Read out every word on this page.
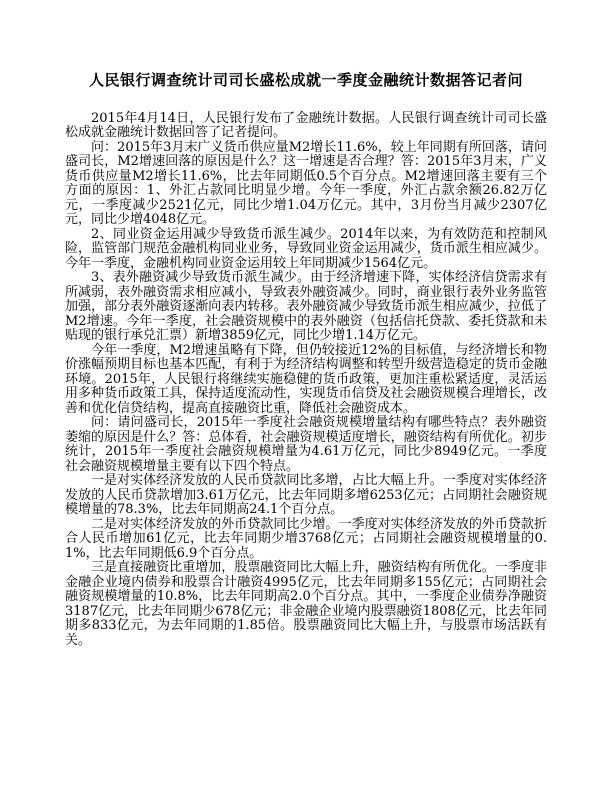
人民银行调查统计司司长盛松成就一季度金融统计数据答记者问

2015年4月14日，人民银行发布了金融统计数据。人民银行调查统计司司长盛松成就金融统计数据回答了记者提问。

问：2015年3月末广义货币供应量M2增长11.6%，较上年同期有所回落，请问盛司长，M2增速回落的原因是什么？这一增速是否合理？答：2015年3月末，广义货币供应量M2增长11.6%，比去年同期低0.5个百分点。M2增速回落主要有三个方面的原因：1、外汇占款同比明显少增。今年一季度，外汇占款余额26.82万亿元，一季度减少2521亿元，同比少增1.04万亿元。其中，3月份当月减少2307亿元，同比少增4048亿元。

2、同业资金运用减少导致货币派生减少。2014年以来，为有效防范和控制风险，监管部门规范金融机构同业业务，导致同业资金运用减少，货币派生相应减少。今年一季度，金融机构同业资金运用较上年同期减少1564亿元。

3、表外融资减少导致货币派生减少。由于经济增速下降，实体经济信贷需求有所减弱，表外融资需求相应减小，导致表外融资减少。同时，商业银行表外业务监管加强，部分表外融资逐渐向表内转移。表外融资减少导致货币派生相应减少，拉低了M2增速。今年一季度，社会融资规模中的表外融资（包括信托贷款、委托贷款和未贴现的银行承兑汇票）新增3859亿元，同比少增1.14万亿元。

今年一季度，M2增速虽略有下降，但仍较接近12%的目标值，与经济增长和物价涨幅预期目标也基本匹配，有利于为经济结构调整和转型升级营造稳定的货币金融环境。2015年，人民银行将继续实施稳健的货币政策，更加注重松紧适度，灵活运用多种货币政策工具，保持适度流动性，实现货币信贷及社会融资规模合理增长，改善和优化信贷结构，提高直接融资比重，降低社会融资成本。

问：请问盛司长，2015年一季度社会融资规模增量结构有哪些特点？表外融资萎缩的原因是什么？答：总体看，社会融资规模适度增长，融资结构有所优化。初步统计，2015年一季度社会融资规模增量为4.61万亿元，同比少8949亿元。一季度社会融资规模增量主要有以下四个特点。

一是对实体经济发放的人民币贷款同比多增，占比大幅上升。一季度对实体经济发放的人民币贷款增加3.61万亿元，比去年同期多增6253亿元；占同期社会融资规模增量的78.3%，比去年同期高24.1个百分点。

二是对实体经济发放的外币贷款同比少增。一季度对实体经济发放的外币贷款折合人民币增加61亿元，比去年同期少增3768亿元；占同期社会融资规模增量的0.1%，比去年同期低6.9个百分点。

三是直接融资比重增加，股票融资同比大幅上升，融资结构有所优化。一季度非金融企业境内债券和股票合计融资4995亿元，比去年同期多155亿元；占同期社会融资规模增量的10.8%，比去年同期高2.0个百分点。其中，一季度企业债券净融资3187亿元，比去年同期少678亿元；非金融企业境内股票融资1808亿元，比去年同期多833亿元，为去年同期的1.85倍。股票融资同比大幅上升，与股票市场活跃有关。
